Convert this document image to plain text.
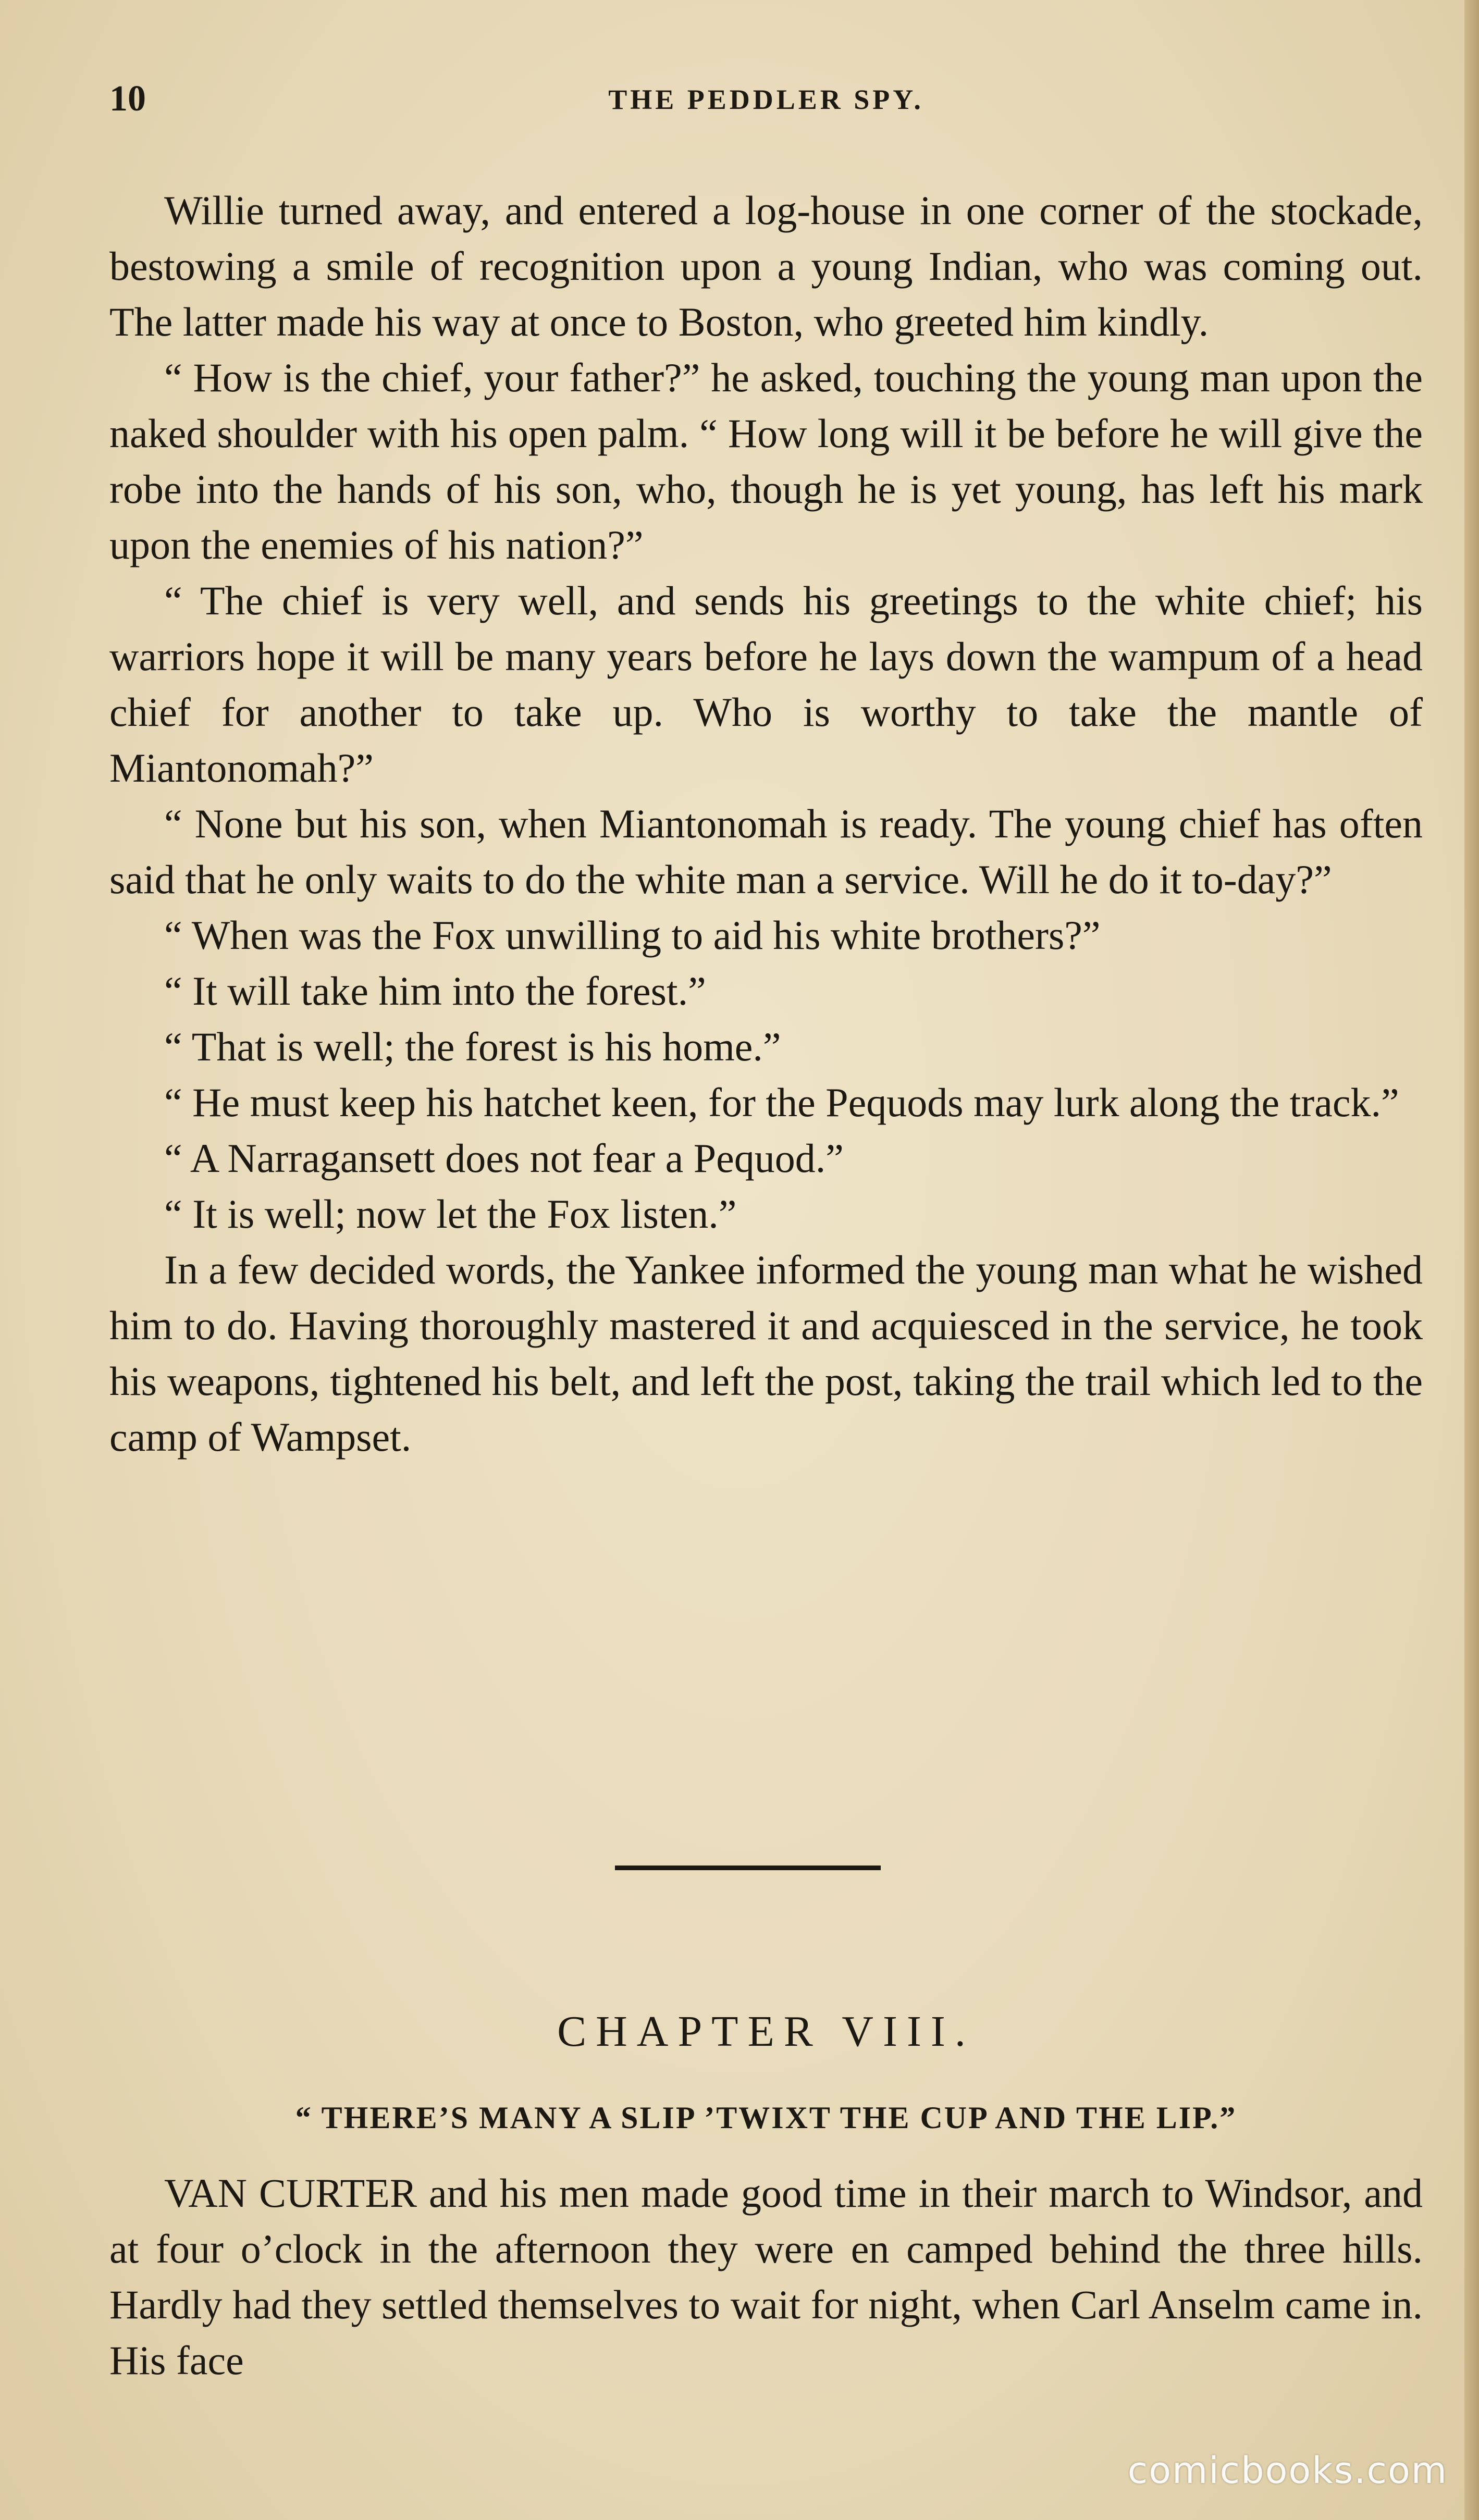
10	THE PEDDLER SPY.

Willie turned away, and entered a log-house in one corner of the stockade, bestowing a smile of recognition upon a young Indian, who was coming out. The latter made his way at once to Boston, who greeted him kindly.

“ How is the chief, your father?” he asked, touching the young man upon the naked shoulder with his open palm. “ How long will it be before he will give the robe into the hands of his son, who, though he is yet young, has left his mark upon the enemies of his nation?”

“ The chief is very well, and sends his greetings to the white chief; his warriors hope it will be many years before he lays down the wampum of a head chief for another to take up. Who is worthy to take the mantle of Miantonomah?”

“ None but his son, when Miantonomah is ready. The young chief has often said that he only waits to do the white man a service. Will he do it to-day?”

“ When was the Fox unwilling to aid his white brothers?”

“ It will take him into the forest.”

“ That is well; the forest is his home.”

“ He must keep his hatchet keen, for the Pequods may lurk along the track.”

“ A Narragansett does not fear a Pequod.”

“ It is well; now let the Fox listen.”

In a few decided words, the Yankee informed the young man what he wished him to do. Having thoroughly mastered it and acquiesced in the service, he took his weapons, tightened his belt, and left the post, taking the trail which led to the camp of Wampset.

CHAPTER VIII.
“ THERE’S MANY A SLIP ’TWIXT THE CUP AND THE LIP.”

VAN CURTER and his men made good time in their march to Windsor, and at four o’clock in the afternoon they were en camped behind the three hills. Hardly had they settled themselves to wait for night, when Carl Anselm came in. His face

comicbooks.com
